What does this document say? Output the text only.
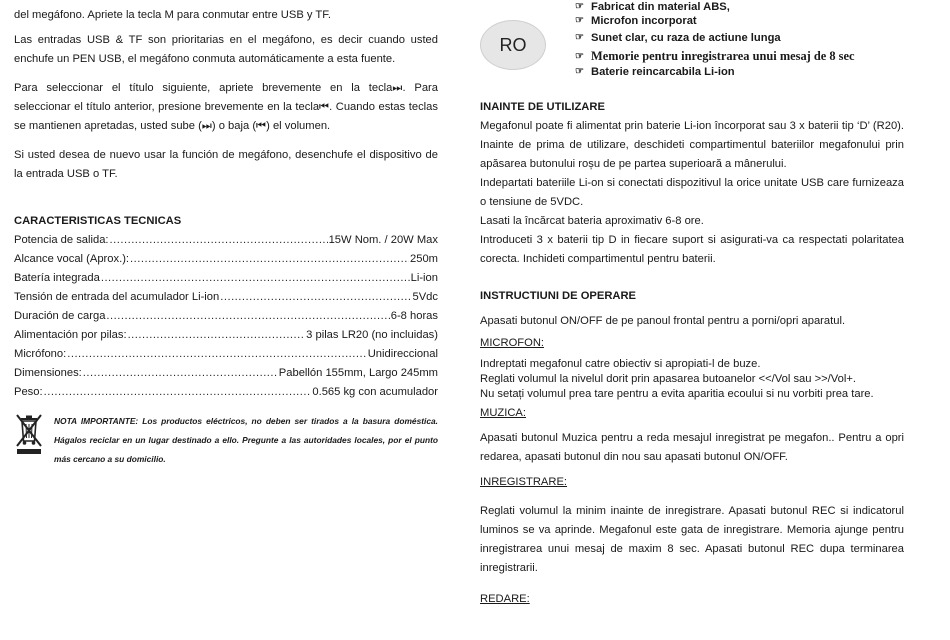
del megáfono. Apriete la tecla M para conmutar entre USB y TF.

Las entradas USB & TF son prioritarias en el megáfono, es decir cuando usted enchufe un PEN USB, el megáfono conmuta automáticamente a esta fuente.

Para seleccionar el título siguiente, apriete brevemente en la tecla⏭. Para seleccionar el título anterior, presione brevemente en la tecla⏮. Cuando estas teclas se mantienen apretadas, usted sube (⏭) o baja (⏮) el volumen.

Si usted desea de nuevo usar la función de megáfono, desenchufe el dispositivo de la entrada USB o TF.

CARACTERISTICAS TECNICAS

Potencia de salida: .....	15W Nom. / 20W Max
Alcance vocal (Aprox.): .....	250m
Batería integrada .....	Li-ion
Tensión de entrada del acumulador Li-ion .....	5Vdc
Duración de carga .....	6-8 horas
Alimentación por pilas: .....	3 pilas LR20 (no incluidas)
Micrófono: .....	Unidireccional
Dimensiones: .....	Pabellón 155mm, Largo 245mm
Peso: .....	0.565 kg con acumulador
NOTA IMPORTANTE: Los productos eléctricos, no deben ser tirados a la basura doméstica. Hágalos reciclar en un lugar destinado a ello. Pregunte a las autoridades locales, por el punto más cercano a su domicilio.
RO
☞ Fabricat din material ABS,
☞ Microfon incorporat
☞ Sunet clar, cu raza de actiune lunga
☞ Memorie pentru inregistrarea unui mesaj de 8 sec
☞ Baterie reincarcabila Li-ion

INAINTE DE UTILIZARE

Megafonul poate fi alimentat prin baterie Li-ion încorporat sau 3 x baterii tip ‘D’ (R20). Inainte de prima de utilizare, deschideti compartimentul bateriilor megafonului prin apăsarea butonului roșu de pe partea superioară a mânerului.

Indepartati bateriile Li-on si conectati dispozitivul la orice unitate USB care furnizeaza o tensiune de 5VDC.

Lasati la încărcat bateria aproximativ 6-8 ore.

Introduceti 3 x baterii tip D in fiecare suport si asigurati-va ca respectati polaritatea corecta. Inchideti compartimentul pentru baterii.

INSTRUCTIUNI DE OPERARE

Apasati butonul ON/OFF de pe panoul frontal pentru a porni/opri aparatul.

MICROFON:

Indreptati megafonul catre obiectiv si apropiati-l de buze.
Reglati volumul la nivelul dorit prin apasarea butoanelor <</Vol sau >>/Vol+.
Nu setați volumul prea tare pentru a evita aparitia ecoului si nu vorbiti prea tare.

MUZICA:

Apasati butonul Muzica pentru a reda mesajul inregistrat pe megafon.. Pentru a opri redarea, apasati butonul din nou sau apasati butonul ON/OFF.

INREGISTRARE:

Reglati volumul la minim inainte de inregistrare. Apasati butonul REC si indicatorul luminos se va aprinde. Megafonul este gata de inregistrare. Memoria ajunge pentru inregistrarea unui mesaj de maxim 8 sec. Apasati butonul REC dupa terminarea inregistrarii.

REDARE:
